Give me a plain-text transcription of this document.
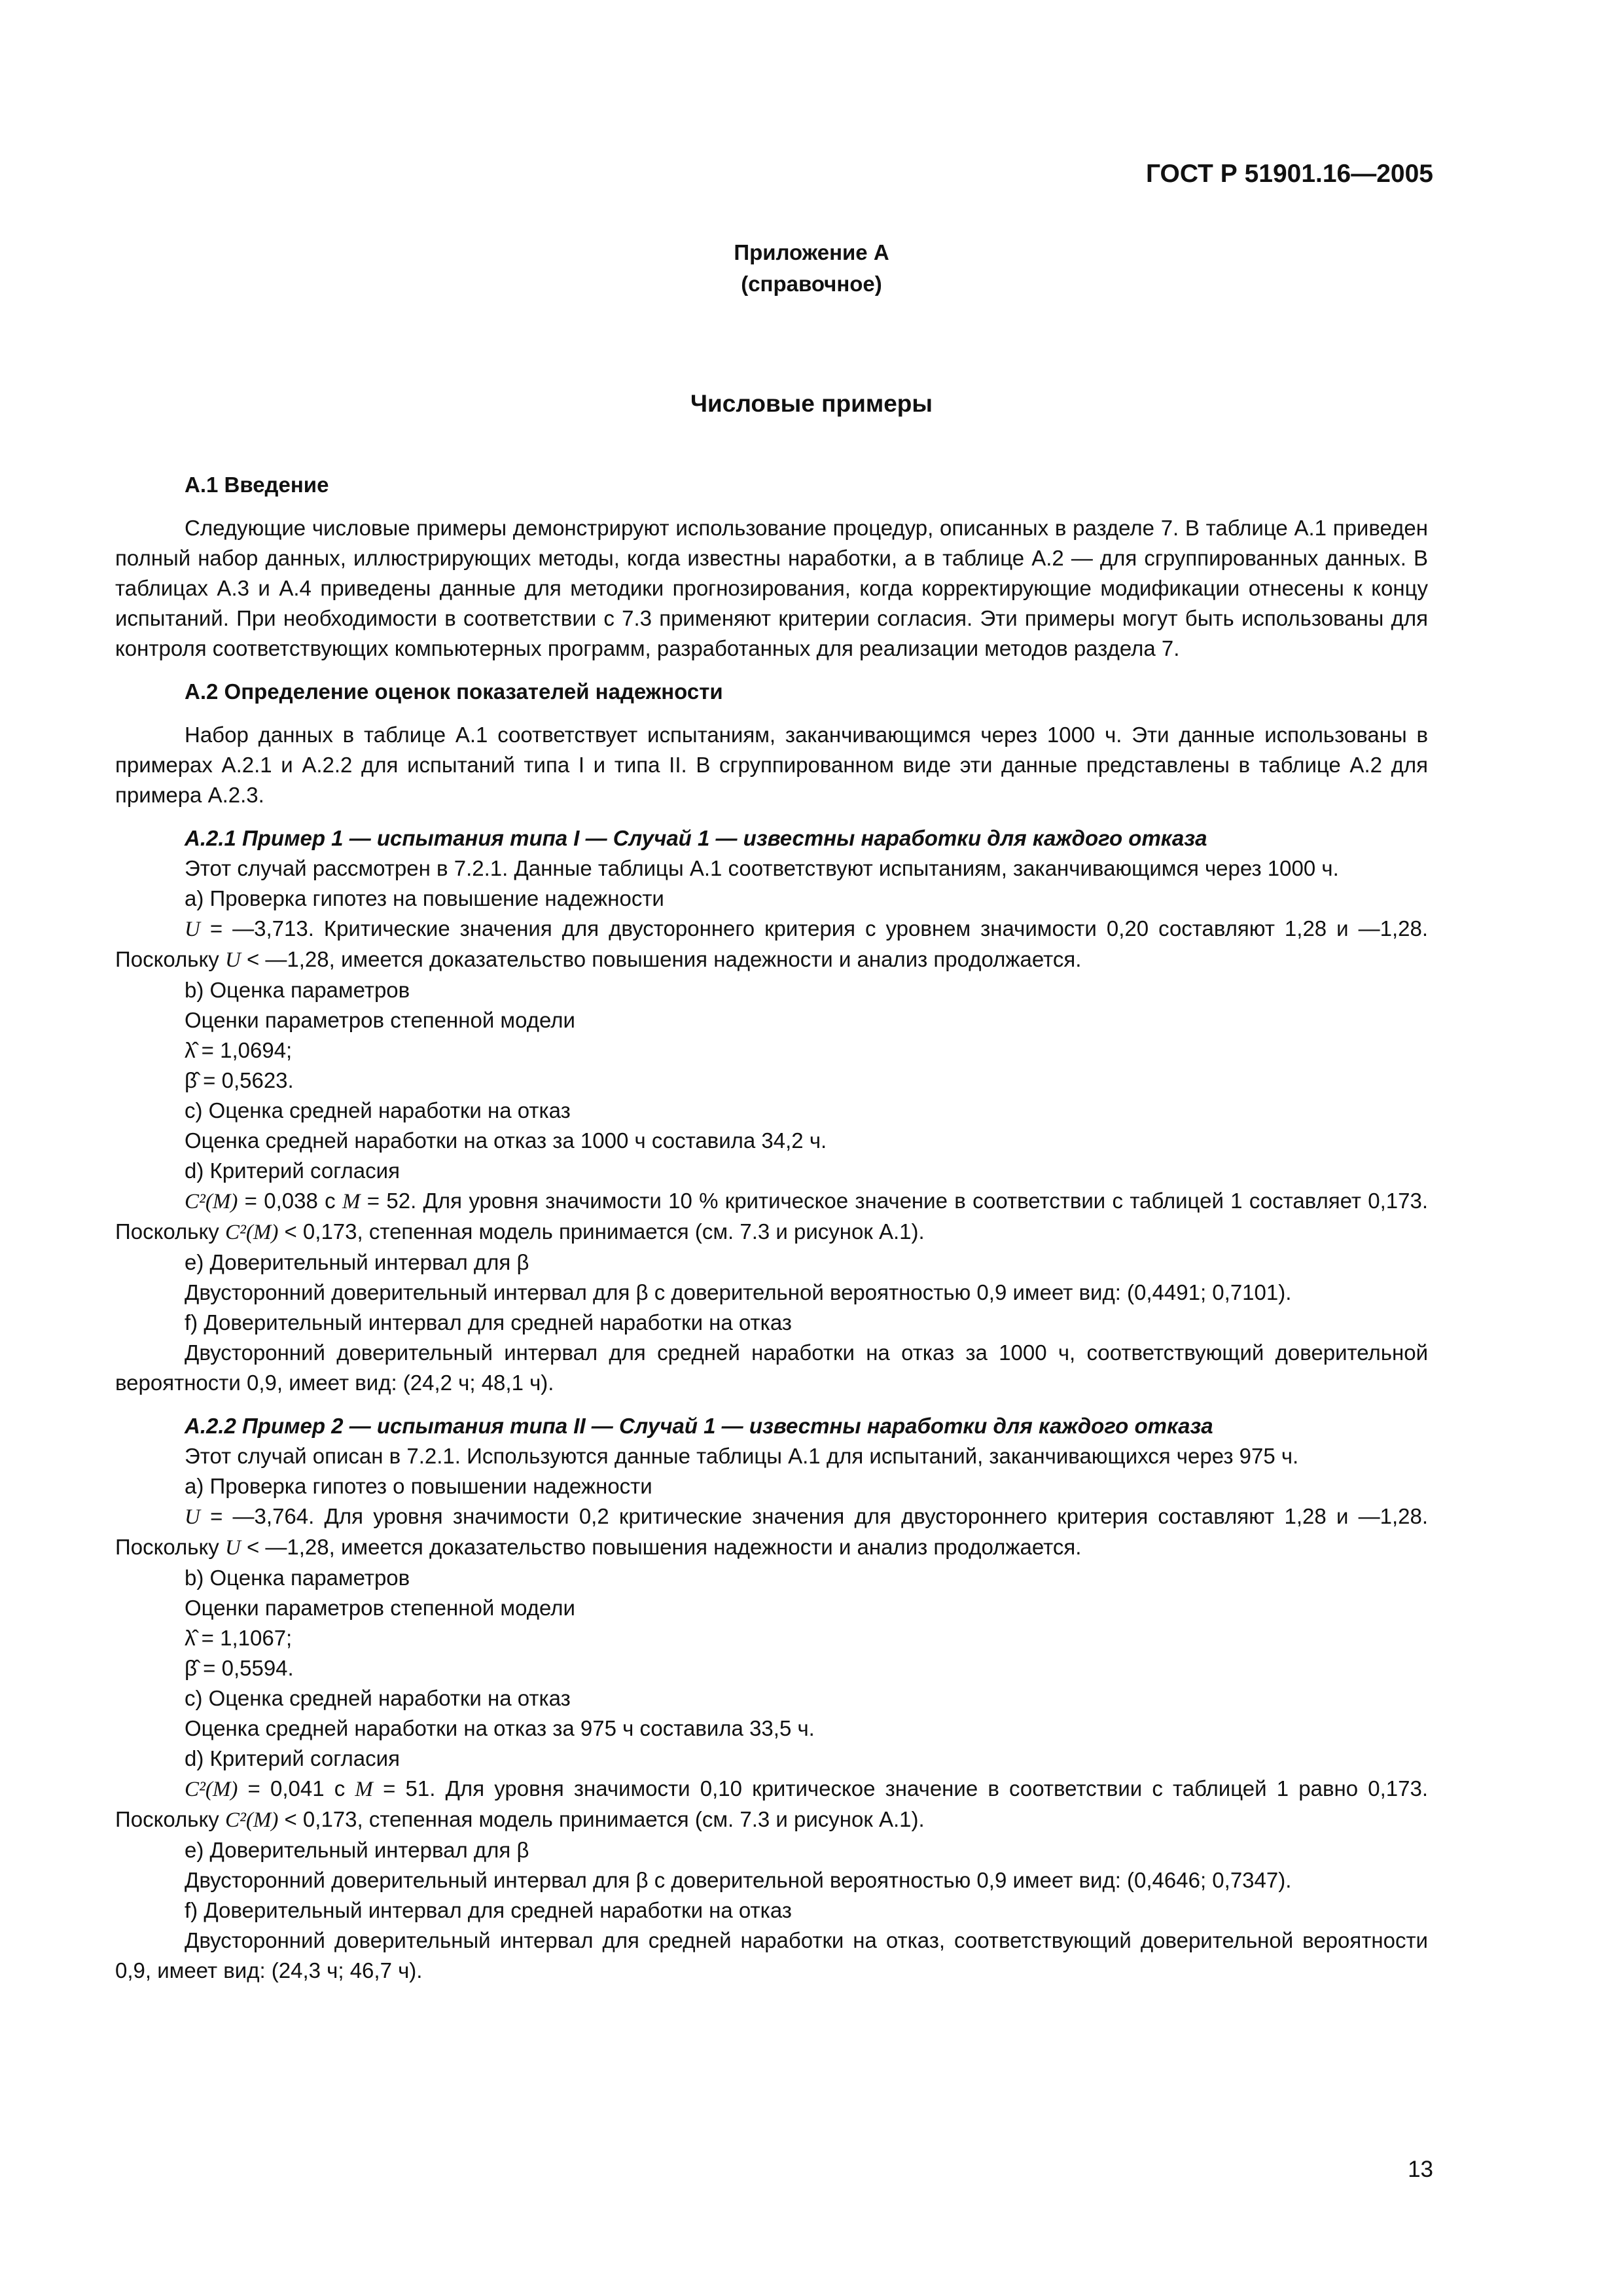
ГОСТ Р 51901.16—2005
Приложение А
(справочное)
Числовые примеры

А.1 Введение

Следующие числовые примеры демонстрируют использование процедур, описанных в разделе 7. В таблице А.1 приведен полный набор данных, иллюстрирующих методы, когда известны наработки, а в таблице А.2 — для сгруппированных данных. В таблицах А.3 и А.4 приведены данные для методики прогнозирования, когда корректирующие модификации отнесены к концу испытаний. При необходимости в соответствии с 7.3 применяют критерии согласия. Эти примеры могут быть использованы для контроля соответствующих компьютерных программ, разработанных для реализации методов раздела 7.

А.2 Определение оценок показателей надежности

Набор данных в таблице А.1 соответствует испытаниям, заканчивающимся через 1000 ч. Эти данные использованы в примерах А.2.1 и А.2.2 для испытаний типа I и типа II. В сгруппированном виде эти данные представлены в таблице А.2 для примера А.2.3.

А.2.1 Пример 1 — испытания типа I — Случай 1 — известны наработки для каждого отказа

Этот случай рассмотрен в 7.2.1. Данные таблицы А.1 соответствуют испытаниям, заканчивающимся через 1000 ч.

а) Проверка гипотез на повышение надежности

U = —3,713. Критические значения для двустороннего критерия с уровнем значимости 0,20 составляют 1,28 и —1,28. Поскольку U < —1,28, имеется доказательство повышения надежности и анализ продолжается.

b) Оценка параметров

Оценки параметров степенной модели

λ̂ = 1,0694;

β̂ = 0,5623.

с) Оценка средней наработки на отказ

Оценка средней наработки на отказ за 1000 ч составила 34,2 ч.

d) Критерий согласия

C²(M) = 0,038 с M = 52. Для уровня значимости 10 % критическое значение в соответствии с таблицей 1 составляет 0,173. Поскольку C²(M) < 0,173, степенная модель принимается (см. 7.3 и рисунок А.1).

е) Доверительный интервал для β

Двусторонний доверительный интервал для β с доверительной вероятностью 0,9 имеет вид: (0,4491; 0,7101).

f) Доверительный интервал для средней наработки на отказ

Двусторонний доверительный интервал для средней наработки на отказ за 1000 ч, соответствующий доверительной вероятности 0,9, имеет вид: (24,2 ч; 48,1 ч).

А.2.2 Пример 2 — испытания типа II — Случай 1 — известны наработки для каждого отказа

Этот случай описан в 7.2.1. Используются данные таблицы А.1 для испытаний, заканчивающихся через 975 ч.

а) Проверка гипотез о повышении надежности

U = —3,764. Для уровня значимости 0,2 критические значения для двустороннего критерия составляют 1,28 и —1,28. Поскольку U < —1,28, имеется доказательство повышения надежности и анализ продолжается.

b) Оценка параметров

Оценки параметров степенной модели

λ̂ = 1,1067;

β̂ = 0,5594.

с) Оценка средней наработки на отказ

Оценка средней наработки на отказ за 975 ч составила 33,5 ч.

d) Критерий согласия

C²(M) = 0,041 с M = 51. Для уровня значимости 0,10 критическое значение в соответствии с таблицей 1 равно 0,173. Поскольку C²(M) < 0,173, степенная модель принимается (см. 7.3 и рисунок А.1).

е) Доверительный интервал для β

Двусторонний доверительный интервал для β с доверительной вероятностью 0,9 имеет вид: (0,4646; 0,7347).

f) Доверительный интервал для средней наработки на отказ

Двусторонний доверительный интервал для средней наработки на отказ, соответствующий доверительной вероятности 0,9, имеет вид: (24,3 ч; 46,7 ч).

13
